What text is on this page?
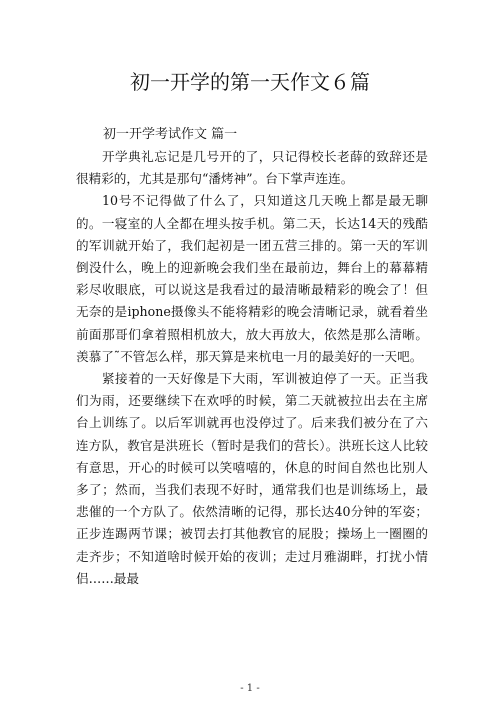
初一开学的第一天作文６篇
初一开学考试作文 篇一

开学典礼忘记是几号开的了，只记得校长老薛的致辞还是很精彩的，尤其是那句“潘烤神”。台下掌声连连。

10号不记得做了什么了，只知道这几天晚上都是最无聊的。一寝室的人全都在埋头按手机。第二天，长达14天的残酷的军训就开始了，我们起初是一团五营三排的。第一天的军训倒没什么，晚上的迎新晚会我们坐在最前边，舞台上的幕幕精彩尽收眼底，可以说这是我看过的最清晰最精彩的晚会了！但无奈的是iphone摄像头不能将精彩的晚会清晰记录，就看着坐前面那哥们拿着照相机放大，放大再放大，依然是那么清晰。羡慕了˜不管怎么样，那天算是来杭电一月的最美好的一天吧。

紧接着的一天好像是下大雨，军训被迫停了一天。正当我们为雨，还要继续下在欢呼的时候，第二天就被拉出去在主席台上训练了。以后军训就再也没停过了。后来我们被分在了六连方队，教官是洪班长（暂时是我们的营长）。洪班长这人比较有意思，开心的时候可以笑嘻嘻的，休息的时间自然也比别人多了；然而，当我们表现不好时，通常我们也是训练场上，最悲催的一个方队了。依然清晰的记得，那长达40分钟的军姿；正步连踢两节课；被罚去打其他教官的屁股；操场上一圈圈的走齐步；不知道啥时候开始的夜训；走过月雅湖畔，打扰小情侣……最最

- 1 -
